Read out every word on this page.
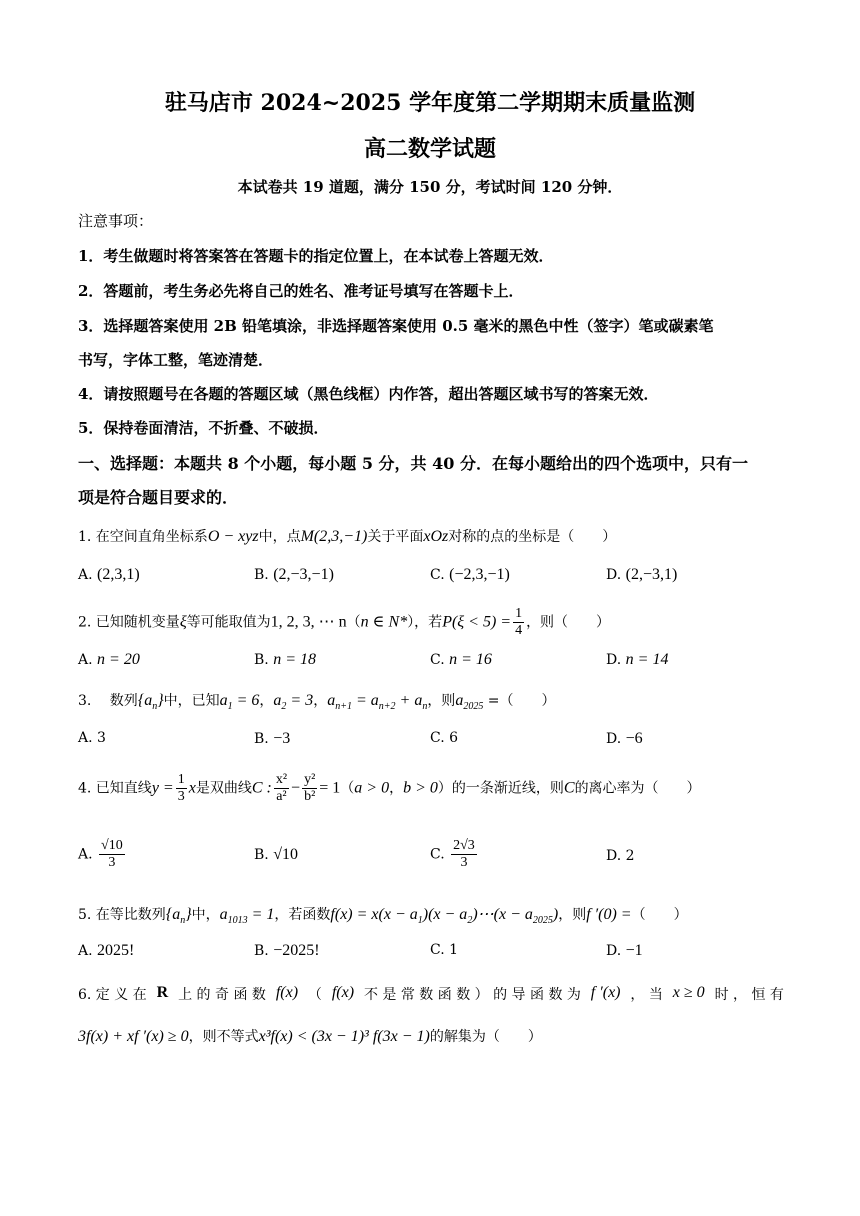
驻马店市 2024~2025 学年度第二学期期末质量监测
高二数学试题
本试卷共 19 道题，满分 150 分，考试时间 120 分钟．
注意事项：
1．考生做题时将答案答在答题卡的指定位置上，在本试卷上答题无效．
2．答题前，考生务必先将自己的姓名、准考证号填写在答题卡上．
3．选择题答案使用 2B 铅笔填涂，非选择题答案使用 0.5 毫米的黑色中性（签字）笔或碳素笔
书写，字体工整，笔迹清楚．
4．请按照题号在各题的答题区域（黑色线框）内作答，超出答题区域书写的答案无效．
5．保持卷面清洁，不折叠、不破损．
一、选择题：本题共 8 个小题，每小题 5 分，共 40 分．在每小题给出的四个选项中，只有一
项是符合题目要求的．
1. 在空间直角坐标系O − xyz中，点M(2,3,−1)关于平面xOz对称的点的坐标是（　　）
A. (2,3,1)	B. (2,−3,−1)	C. (−2,3,−1)	D. (2,−3,1)
2. 已知随机变量ξ等可能取值为1, 2, 3, ⋯ n（n ∈ N*），若$P(\xi < 5) = \frac{1}{4}$ ，则（　　）
A. n = 20	B. n = 18	C. n = 16	D. n = 14
3.　 数列$\{a_n\}$中，已知$a_1 = 6$，$a_2 = 3$，$a_{n+1} = a_{n+2} + a_n$，则$a_{2025}$ =（　　）
A. 3	B. −3	C. 6	D. −6
4. 已知直线$y = \frac{1}{3}$ x是双曲线C : $\frac{\text{x²}}{\text{a²}} - \frac{\text{y²}}{\text{b²}} = 1(a > 0$，b > 0）的一条渐近线，则C的离心率为（　　）
A. $\frac{√10}{3}$	B. √10	C. $\frac{2√3}{3}$	D. 2
5. 在等比数列$\{a_n\}$中，$a_{1013} = 1$，若函数$f(x) = x(x - a_1)(x$ − $a_2)\cdots(x - a_{2025})$，则f ′(0) =（　　）
A. 2025!	B. −2025!	C. 1	D. −1
6. 定 义 在 R 上 的 奇 函 数 f(x) （ f(x) 不 是 常 数 函 数 ） 的 导 函 数 为 f ′(x) ， 当 x ≥ 0 时 ， 恒 有
3f(x) + xf ′(x) ≥ 0，则不等式x³f(x) < (3x − 1)³ f(3x − 1)的解集为（　　）
